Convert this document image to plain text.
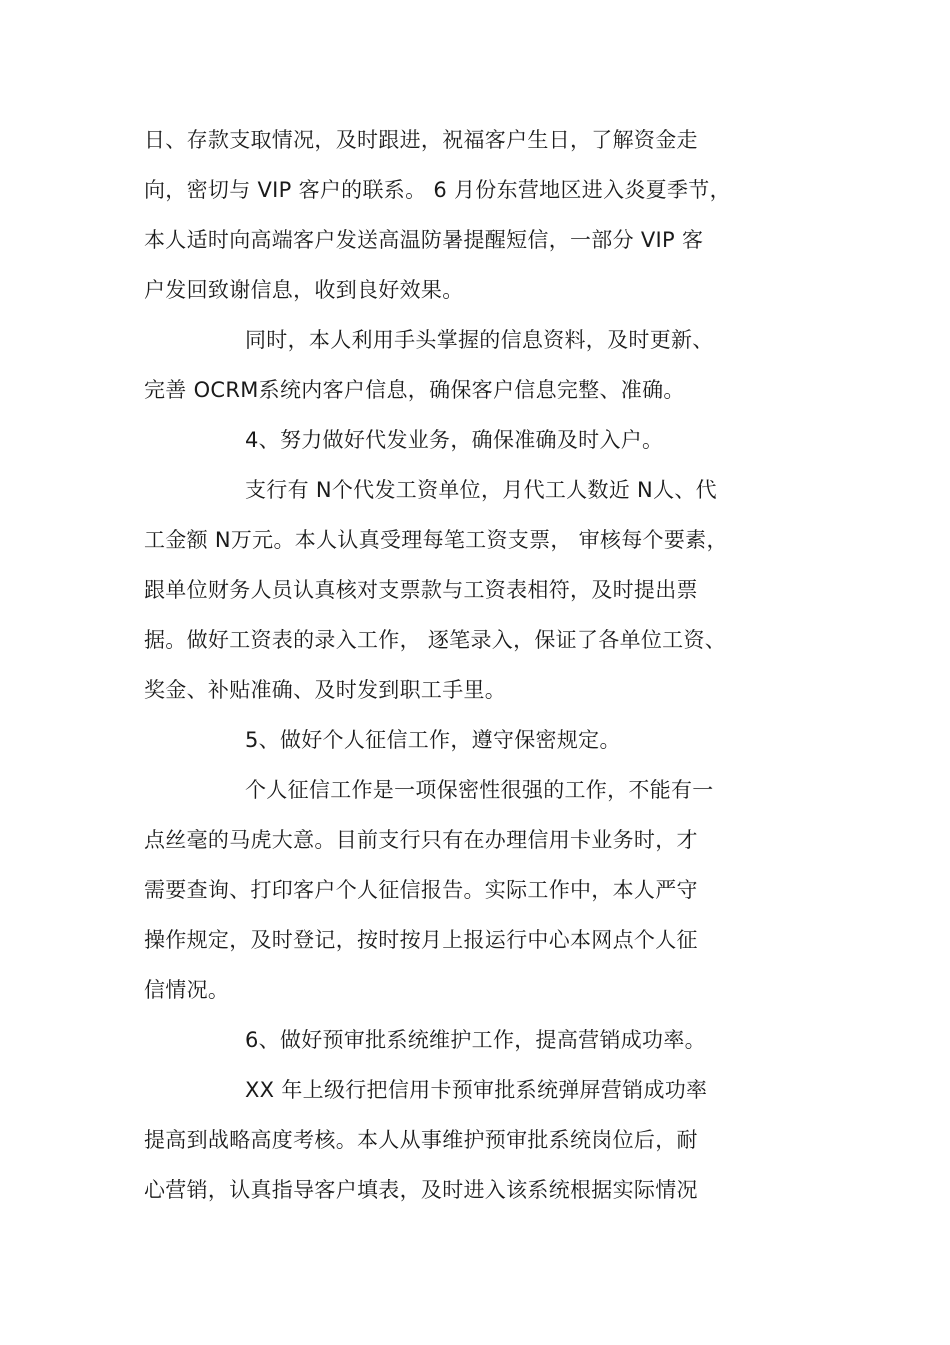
日、存款支取情况，及时跟进，祝福客户生日，了解资金走
向，密切与 VIP 客户的联系。 6 月份东营地区进入炎夏季节，
本人适时向高端客户发送高温防暑提醒短信，一部分 VIP 客
户发回致谢信息，收到良好效果。
同时，本人利用手头掌握的信息资料，及时更新、
完善 OCRM系统内客户信息，确保客户信息完整、准确。
4、努力做好代发业务，确保准确及时入户。
支行有 N个代发工资单位，月代工人数近 N人、代
工金额 N万元。本人认真受理每笔工资支票， 审核每个要素，
跟单位财务人员认真核对支票款与工资表相符，及时提出票
据。做好工资表的录入工作， 逐笔录入，保证了各单位工资、
奖金、补贴准确、及时发到职工手里。
5、做好个人征信工作，遵守保密规定。
个人征信工作是一项保密性很强的工作，不能有一
点丝毫的马虎大意。目前支行只有在办理信用卡业务时，才
需要查询、打印客户个人征信报告。实际工作中，本人严守
操作规定，及时登记，按时按月上报运行中心本网点个人征
信情况。
6、做好预审批系统维护工作，提高营销成功率。
XX 年上级行把信用卡预审批系统弹屏营销成功率
提高到战略高度考核。本人从事维护预审批系统岗位后，耐
心营销，认真指导客户填表，及时进入该系统根据实际情况
